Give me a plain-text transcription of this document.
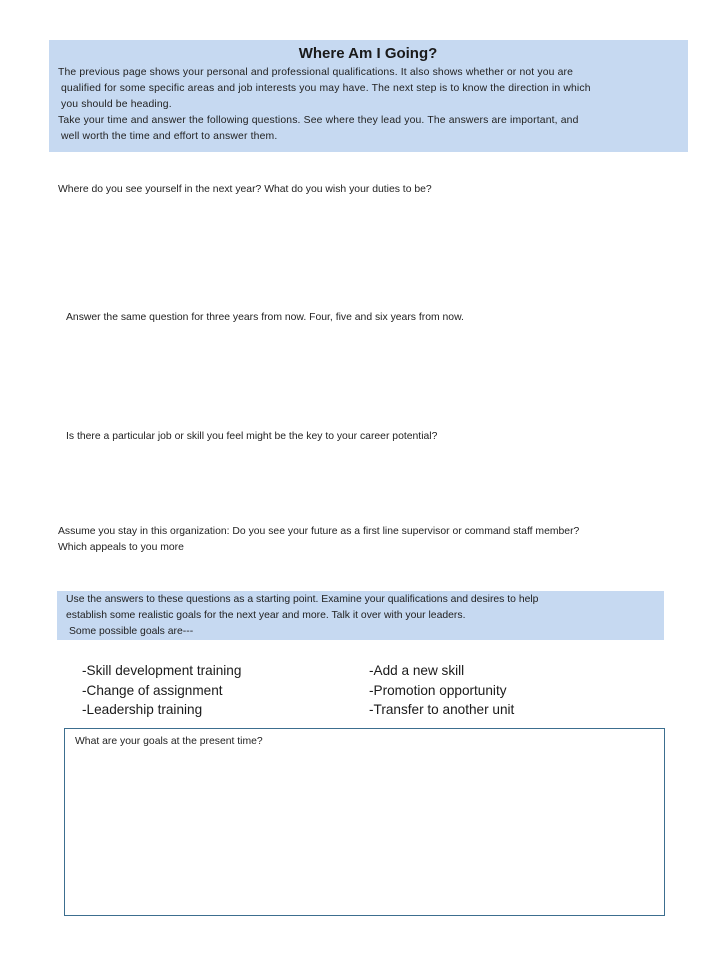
Where Am I Going?

The previous page shows your personal and professional qualifications. It also shows whether or not you are
qualified for some specific areas and job interests you may have. The next step is to know the direction in which
you should be heading.

Take your time and answer the following questions. See where they lead you. The answers are important, and
well worth the time and effort to answer them.

Where do you see yourself in the next year? What do you wish your duties to be?

Answer the same question for three years from now. Four, five and six years from now.

Is there a particular job or skill you feel might be the key to your career potential?

Assume you stay in this organization: Do you see your future as a first line supervisor or command staff member?
Which appeals to you more

Use the answers to these questions as a starting point. Examine your qualifications and desires to help
establish some realistic goals for the next year and more. Talk it over with your leaders.
Some possible goals are---

-Skill development training
-Change of assignment
-Leadership training
-Add a new skill
-Promotion opportunity
-Transfer to another unit

What are your goals at the present time?
